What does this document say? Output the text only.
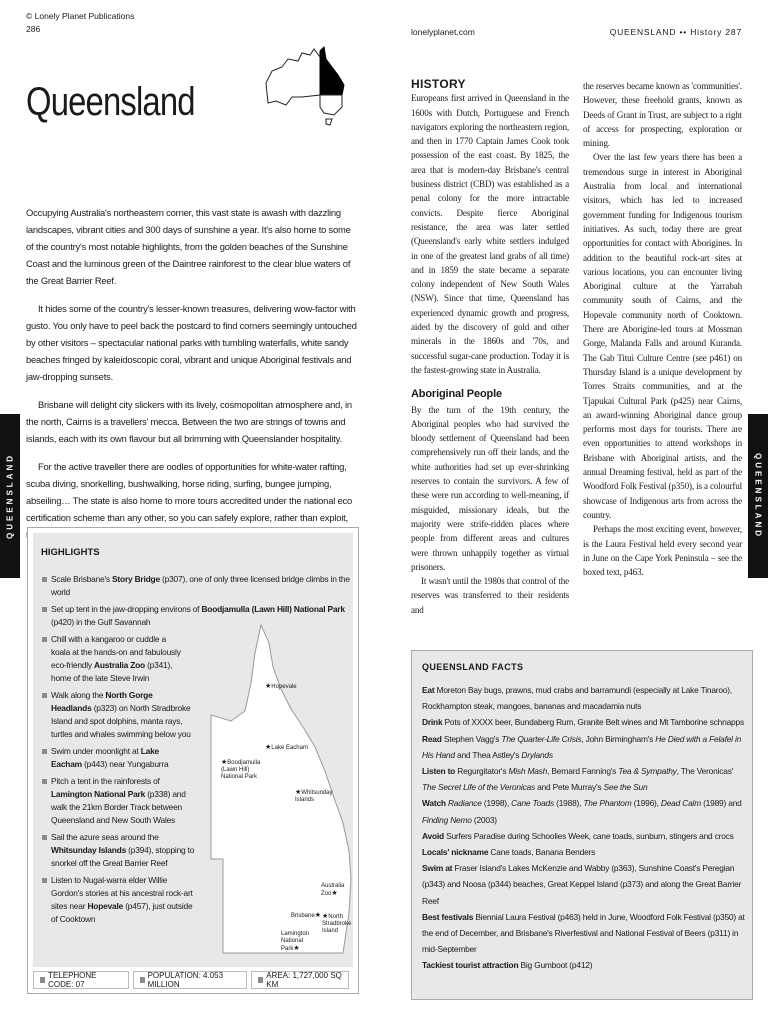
© Lonely Planet Publications
286	lonelyplanet.com	QUEENSLAND •• History 287
QUEENSLAND	QUEENSLAND
Queensland

Occupying Australia's northeastern corner, this vast state is awash with dazzling landscapes, vibrant cities and 300 days of sunshine a year. It's also home to some of the country's most notable highlights, from the golden beaches of the Sunshine Coast and the luminous green of the Daintree rainforest to the clear blue waters of the Great Barrier Reef.

It hides some of the country's lesser-known treasures, delivering wow-factor with gusto. You only have to peel back the postcard to find corners seemingly untouched by other visitors – spectacular national parks with tumbling waterfalls, white sandy beaches fringed by kaleidoscopic coral, vibrant and unique Aboriginal festivals and jaw-dropping sunsets.

Brisbane will delight city slickers with its lively, cosmopolitan atmosphere and, in the north, Cairns is a travellers' mecca. Between the two are strings of towns and islands, each with its own flavour but all brimming with Queenslander hospitality.

For the active traveller there are oodles of opportunities for white-water rafting, scuba diving, snorkelling, bushwalking, horse riding, surfing, bungee jumping, abseiling… The state is also home to more tours accredited under the national eco certification scheme than any other, so you can safely explore, rather than exploit,

HIGHLIGHTS
Scale Brisbane's Story Bridge (p307), one of only three licensed bridge climbs in the world
Set up tent in the jaw-dropping environs of Boodjamulla (Lawn Hill) National Park (p420) in the Gulf Savannah
Chill with a kangaroo or cuddle a koala at the hands-on and fabulously eco-friendly Australia Zoo (p341), home of the late Steve Irwin
Walk along the North Gorge Headlands (p323) on North Stradbroke Island and spot dolphins, manta rays, turtles and whales swimming below you
Swim under moonlight at Lake Eacham (p443) near Yungaburra
Pitch a tent in the rainforests of Lamington National Park (p338) and walk the 21km Border Track between Queensland and New South Wales
Sail the azure seas around the Whitsunday Islands (p394), stopping to snorkel off the Great Barrier Reef
Listen to Nugal-warra elder Willie Gordon's stories at his ancestral rock-art sites near Hopevale (p457), just outside of Cooktown
★Hopevale
★Lake Eacham
★Boodjamulla (Lawn Hill) National Park
★Whitsunday Islands
Australia Zoo★
Brisbane★ ★North Stradbroke Island
Lamington National Park★
TELEPHONE CODE: 07
POPULATION: 4.053 MILLION
AREA: 1,727,000 SQ KM
HISTORY

Europeans first arrived in Queensland in the 1600s with Dutch, Portuguese and French navigators exploring the northeastern region, and then in 1770 Captain James Cook took possession of the east coast. By 1825, the area that is modern-day Brisbane's central business district (CBD) was established as a penal colony for the more intractable convicts. Despite fierce Aboriginal resistance, the area was later settled (Queensland's early white settlers indulged in one of the greatest land grabs of all time) and in 1859 the state became a separate colony independent of New South Wales (NSW). Since that time, Queensland has experienced dynamic growth and progress, aided by the discovery of gold and other minerals in the 1860s and '70s, and successful sugar-cane production. Today it is the fastest-growing state in Australia.

Aboriginal People

By the turn of the 19th century, the Aboriginal peoples who had survived the bloody settlement of Queensland had been comprehensively run off their lands, and the white authorities had set up ever-shrinking reserves to contain the survivors. A few of these were run according to well-meaning, if misguided, missionary ideals, but the majority were strife-ridden places where people from different areas and cultures were thrown unhappily together as virtual prisoners.

It wasn't until the 1980s that control of the reserves was transferred to their residents and

the reserves became known as 'communities'. However, these freehold grants, known as Deeds of Grant in Trust, are subject to a right of access for prospecting, exploration or mining.

Over the last few years there has been a tremendous surge in interest in Aboriginal Australia from local and international visitors, which has led to increased government funding for Indigenous tourism initiatives. As such, today there are great opportunities for contact with Aborigines. In addition to the beautiful rock-art sites at various locations, you can encounter living Aboriginal culture at the Yarrabah community south of Cairns, and the Hopevale community north of Cooktown. There are Aborigine-led tours at Mossman Gorge, Malanda Falls and around Kuranda. The Gab Titui Culture Centre (see p461) on Thursday Island is a unique development by Torres Straits communities, and at the Tjapukai Cultural Park (p425) near Cairns, an award-winning Aboriginal dance group performs most days for tourists. There are even opportunities to attend workshops in Brisbane with Aboriginal artists, and the annual Dreaming festival, held as part of the Woodford Folk Festival (p350), is a colourful showcase of Indigenous arts from across the country.

Perhaps the most exciting event, however, is the Laura Festival held every second year in June on the Cape York Peninsula – see the boxed text, p463.

QUEENSLAND FACTS

Eat Moreton Bay bugs, prawns, mud crabs and barramundi (especially at Lake Tinaroo), Rockhampton steak, mangoes, bananas and macadamia nuts

Drink Pots of XXXX beer, Bundaberg Rum, Granite Belt wines and Mt Tamborine schnapps

Read Stephen Vagg's The Quarter-Life Crisis, John Birmingham's He Died with a Felafel in His Hand and Thea Astley's Drylands

Listen to Regurgitator's Mish Mash, Bernard Fanning's Tea & Sympathy, The Veronicas' The Secret Life of the Veronicas and Pete Murray's See the Sun

Watch Radiance (1998), Cane Toads (1988), The Phantom (1996), Dead Calm (1989) and Finding Nemo (2003)

Avoid Surfers Paradise during Schoolies Week, cane toads, sunburn, stingers and crocs

Locals' nickname Cane toads, Banana Benders

Swim at Fraser Island's Lakes McKenzie and Wabby (p363), Sunshine Coast's Peregian (p343) and Noosa (p344) beaches, Great Keppel Island (p373) and along the Great Barrier Reef

Best festivals Biennial Laura Festival (p463) held in June, Woodford Folk Festival (p350) at the end of December, and Brisbane's Riverfestival and National Festival of Beers (p311) in mid-September

Tackiest tourist attraction Big Gumboot (p412)
